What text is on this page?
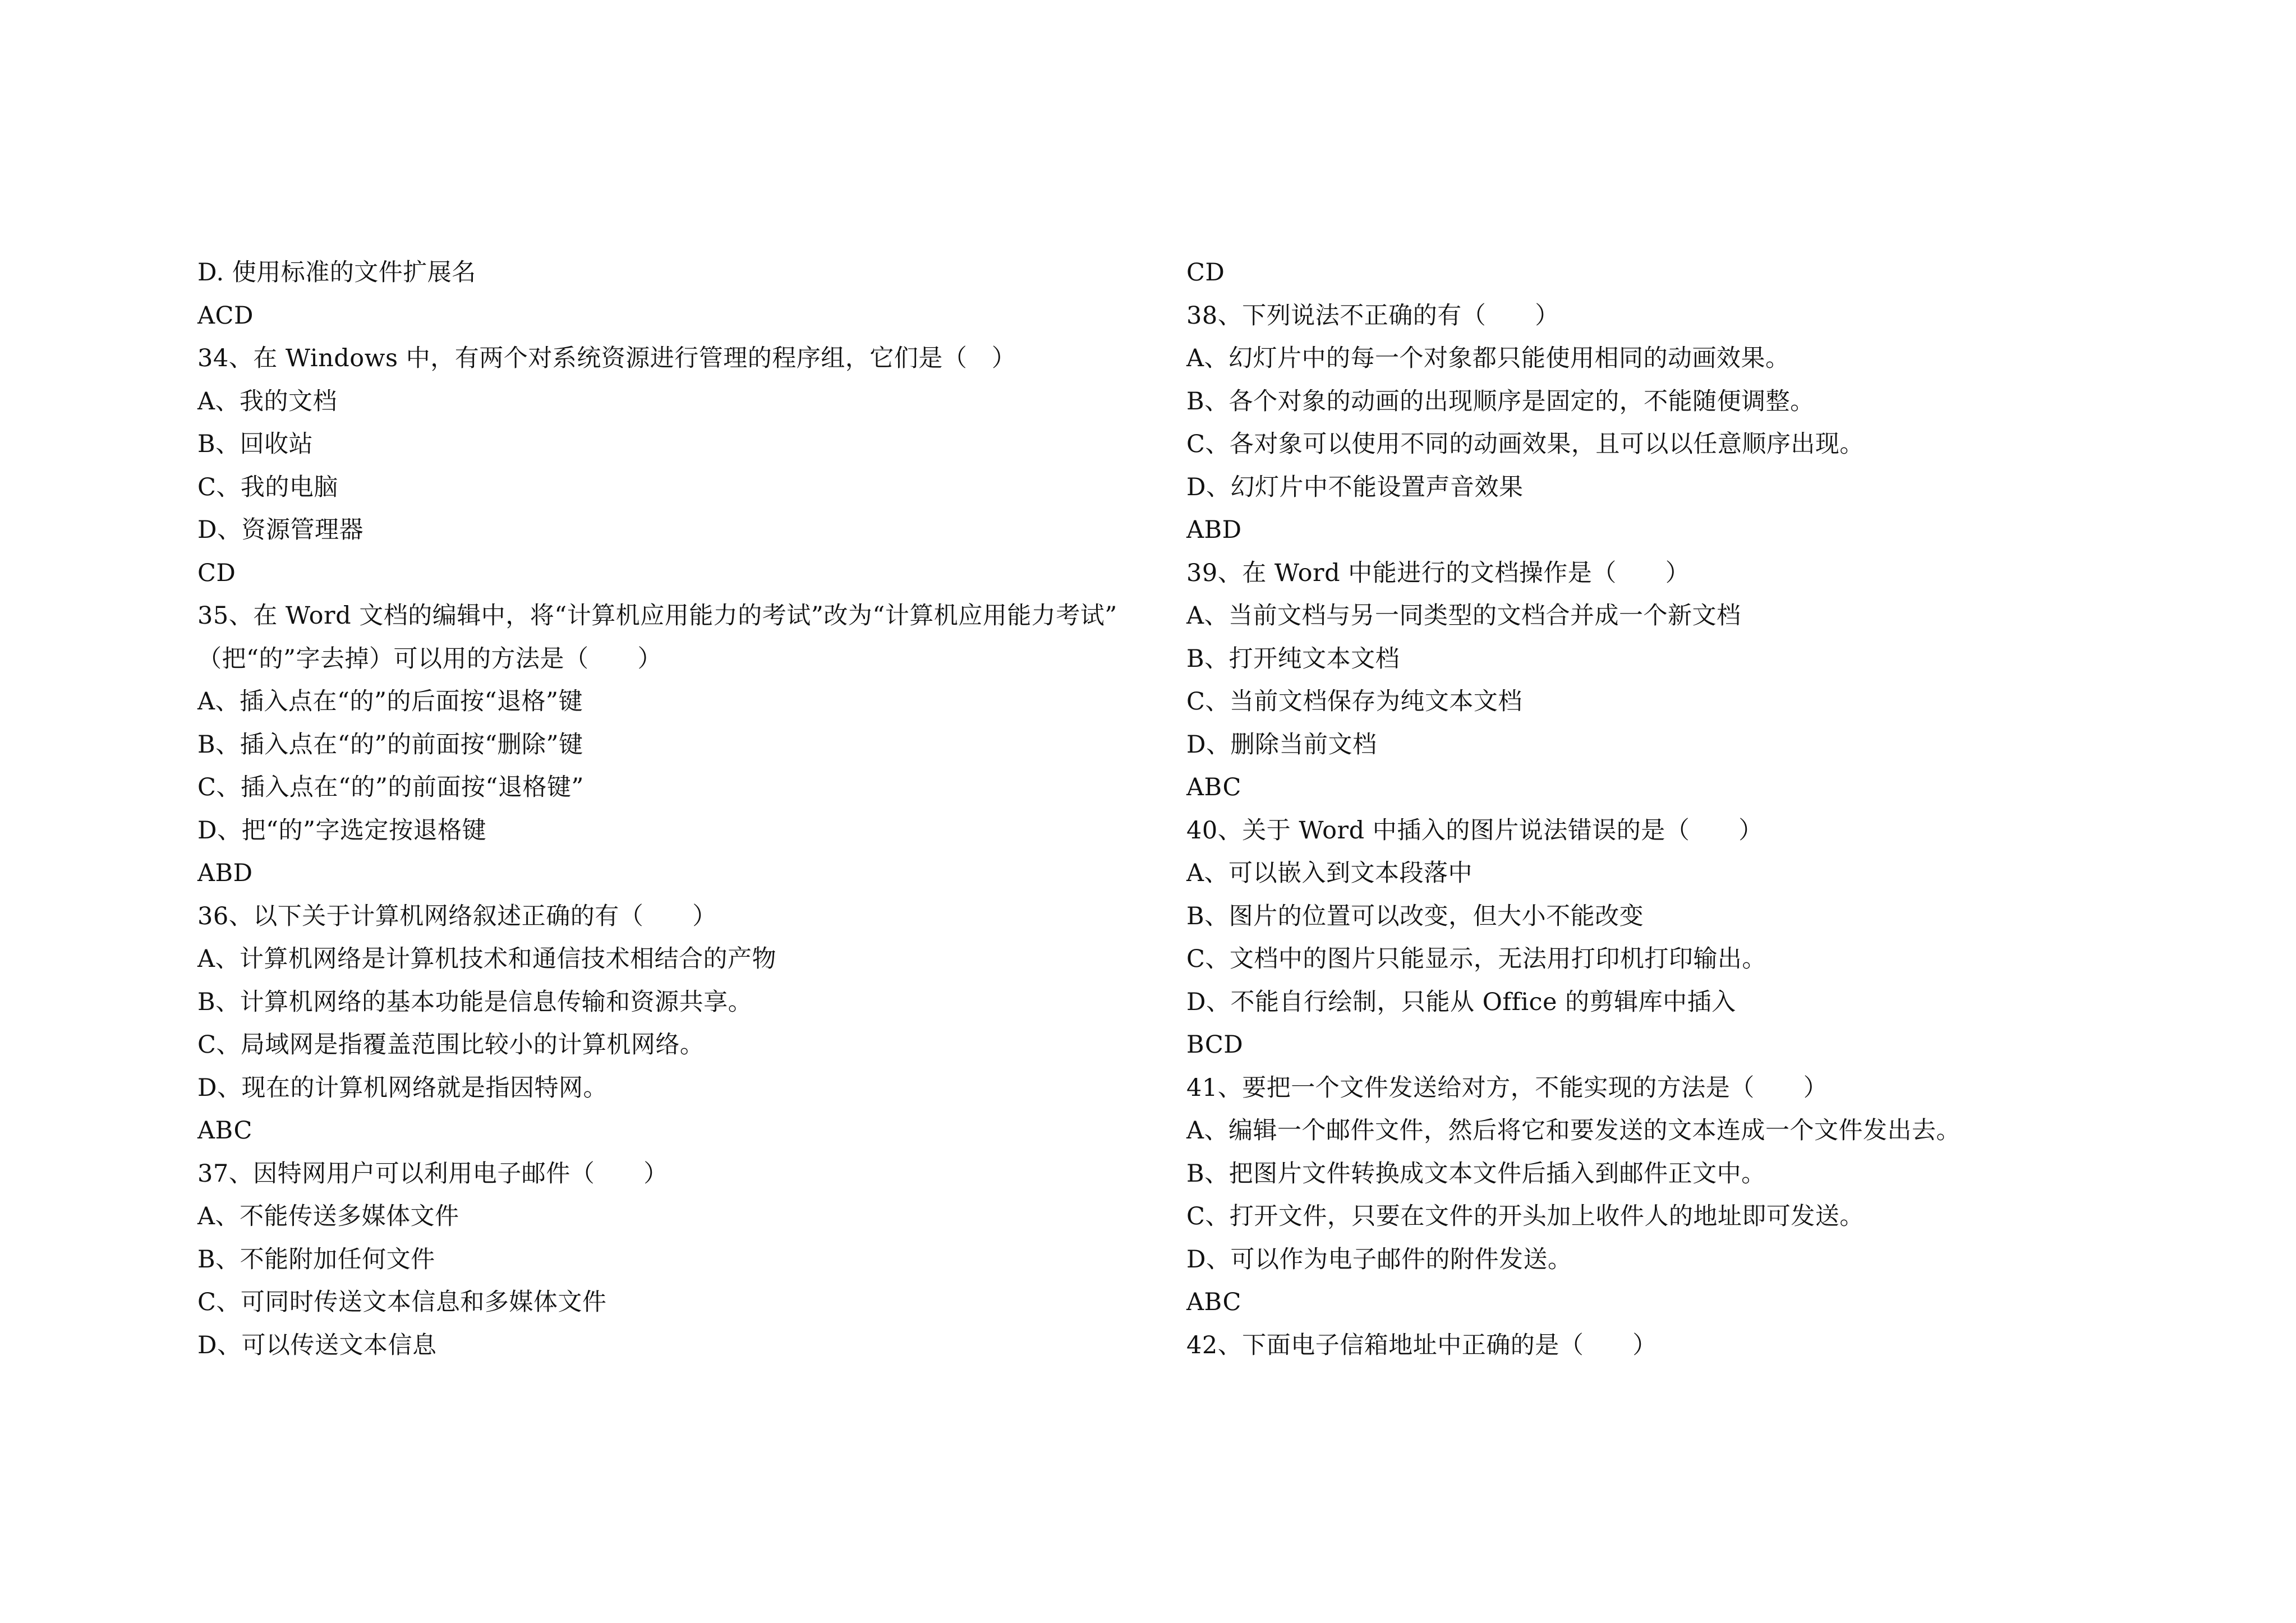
D. 使用标准的文件扩展名
ACD
34、在 Windows 中，有两个对系统资源进行管理的程序组，它们是（　）
A、我的文档
B、回收站
C、我的电脑
D、资源管理器
CD
35、在 Word 文档的编辑中，将“计算机应用能力的考试”改为“计算机应用能力考试”
（把“的”字去掉）可以用的方法是（　　）
A、插入点在“的”的后面按“退格”键
B、插入点在“的”的前面按“删除”键
C、插入点在“的”的前面按“退格键”
D、把“的”字选定按退格键
ABD
36、以下关于计算机网络叙述正确的有（　　）
A、计算机网络是计算机技术和通信技术相结合的产物
B、计算机网络的基本功能是信息传输和资源共享。
C、局域网是指覆盖范围比较小的计算机网络。
D、现在的计算机网络就是指因特网。
ABC
37、因特网用户可以利用电子邮件（　　）
A、不能传送多媒体文件
B、不能附加任何文件
C、可同时传送文本信息和多媒体文件
D、可以传送文本信息
CD
38、下列说法不正确的有（　　）
A、幻灯片中的每一个对象都只能使用相同的动画效果。
B、各个对象的动画的出现顺序是固定的，不能随便调整。
C、各对象可以使用不同的动画效果，且可以以任意顺序出现。
D、幻灯片中不能设置声音效果
ABD
39、在 Word 中能进行的文档操作是（　　）
A、当前文档与另一同类型的文档合并成一个新文档
B、打开纯文本文档
C、当前文档保存为纯文本文档
D、删除当前文档
ABC
40、关于 Word 中插入的图片说法错误的是（　　）
A、可以嵌入到文本段落中
B、图片的位置可以改变，但大小不能改变
C、文档中的图片只能显示，无法用打印机打印输出。
D、不能自行绘制，只能从 Office 的剪辑库中插入
BCD
41、要把一个文件发送给对方，不能实现的方法是（　　）
A、编辑一个邮件文件，然后将它和要发送的文本连成一个文件发出去。
B、把图片文件转换成文本文件后插入到邮件正文中。
C、打开文件，只要在文件的开头加上收件人的地址即可发送。
D、可以作为电子邮件的附件发送。
ABC
42、下面电子信箱地址中正确的是（　　）
